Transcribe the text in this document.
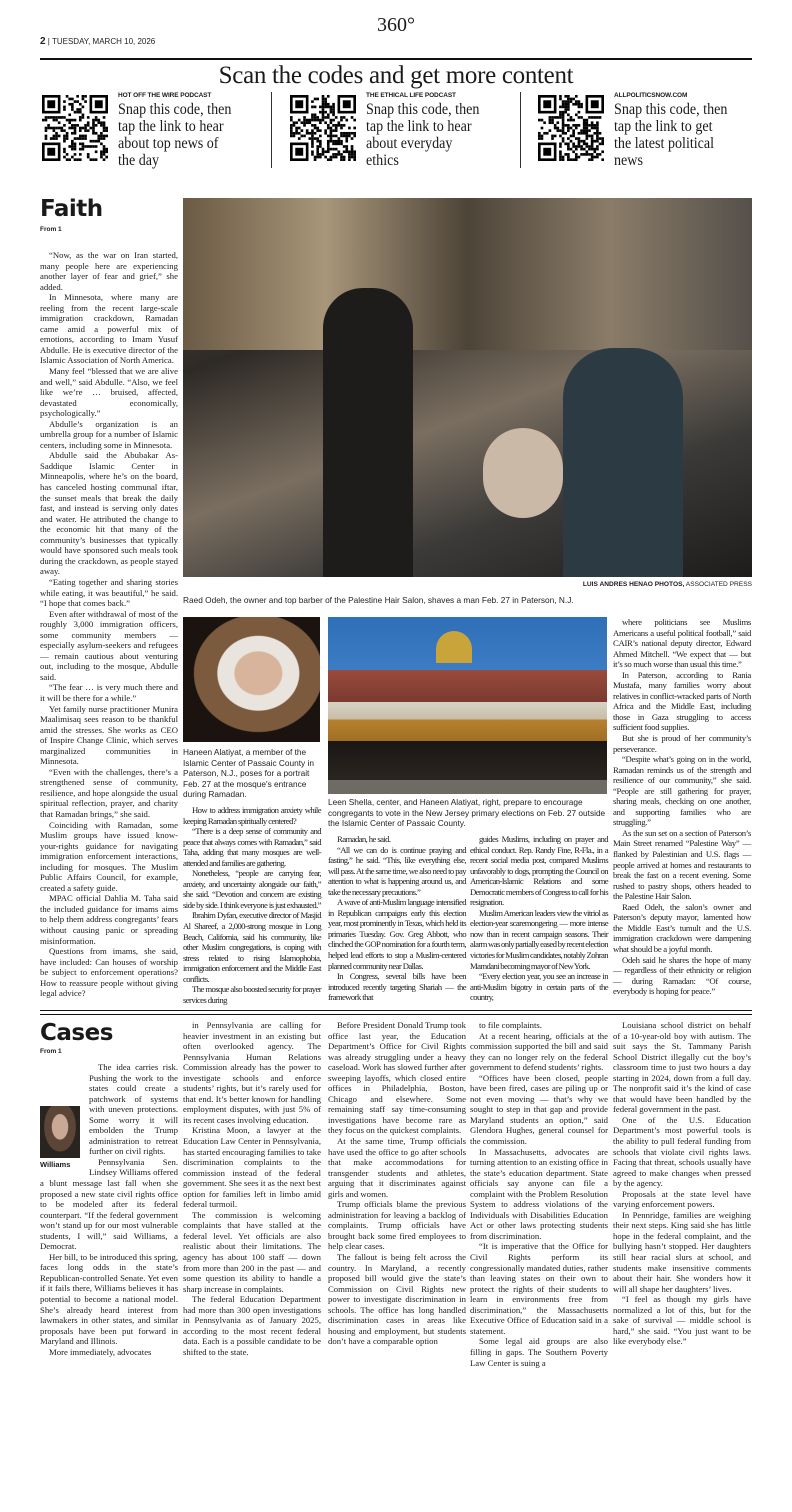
2 | TUESDAY, MARCH 10, 2026
360°
Scan the codes and get more content
HOT OFF THE WIRE PODCAST
Snap this code, then tap the link to hear about top news of the day
THE ETHICAL LIFE PODCAST
Snap this code, then tap the link to hear about everyday ethics
ALLPOLITICSNOW.COM
Snap this code, then tap the link to get the latest political news
Faith
From 1

“Now, as the war on Iran started, many people here are experiencing another layer of fear and grief,” she added.

In Minnesota, where many are reeling from the recent large-scale immigration crackdown, Ramadan came amid a powerful mix of emotions, according to Imam Yusuf Abdulle. He is executive director of the Islamic Association of North America.

Many feel “blessed that we are alive and well,” said Abdulle. “Also, we feel like we’re … bruised, affected, devastated economically, psychologically.”

Abdulle’s organization is an umbrella group for a number of Islamic centers, including some in Minnesota.

Abdulle said the Abubakar As-Saddique Islamic Center in Minneapolis, where he’s on the board, has canceled hosting communal iftar, the sunset meals that break the daily fast, and instead is serving only dates and water. He attributed the change to the economic hit that many of the community’s businesses that typically would have sponsored such meals took during the crackdown, as people stayed away.

“Eating together and sharing stories while eating, it was beautiful,” he said. “I hope that comes back.”

Even after withdrawal of most of the roughly 3,000 immigration officers, some community members — especially asylum-seekers and refugees — remain cautious about venturing out, including to the mosque, Abdulle said.

“The fear … is very much there and it will be there for a while.”

Yet family nurse practitioner Munira Maalimisaq sees reason to be thankful amid the stresses. She works as CEO of Inspire Change Clinic, which serves marginalized communities in Minnesota.

“Even with the challenges, there’s a strengthened sense of community, resilience, and hope alongside the usual spiritual reflection, prayer, and charity that Ramadan brings,” she said.

Coinciding with Ramadan, some Muslim groups have issued know-your-rights guidance for navigating immigration enforcement interactions, including for mosques. The Muslim Public Affairs Council, for example, created a safety guide.

MPAC official Dahlia M. Taha said the included guidance for imams aims to help them address congregants’ fears without causing panic or spreading misinformation.

Questions from imams, she said, have included: Can houses of worship be subject to enforcement operations? How to reassure people without giving legal advice?

LUIS ANDRES HENAO PHOTOS, ASSOCIATED PRESS
Raed Odeh, the owner and top barber of the Palestine Hair Salon, shaves a man Feb. 27 in Paterson, N.J.
Haneen Alatiyat, a member of the Islamic Center of Passaic County in Paterson, N.J., poses for a portrait Feb. 27 at the mosque's entrance during Ramadan.
Leen Shella, center, and Haneen Alatiyat, right, prepare to encourage congregants to vote in the New Jersey primary elections on Feb. 27 outside the Islamic Center of Passaic County.

How to address immigration anxiety while keeping Ramadan spiritually centered?

“There is a deep sense of community and peace that always comes with Ramadan,” said Taha, adding that many mosques are well-attended and families are gathering.

Nonetheless, “people are carrying fear, anxiety, and uncertainty alongside our faith,” she said. “Devotion and concern are existing side by side. I think everyone is just exhausted.”

Ibrahim Dyfan, executive director of Masjid Al Shareef, a 2,000-strong mosque in Long Beach, California, said his community, like other Muslim congregations, is coping with stress related to rising Islamophobia, immigration enforcement and the Middle East conflicts.

The mosque also boosted security for prayer services during

Ramadan, he said.

“All we can do is continue praying and fasting,” he said. “This, like everything else, will pass. At the same time, we also need to pay attention to what is happening around us, and take the necessary precautions.”

A wave of anti-Muslim language intensified in Republican campaigns early this election year, most prominently in Texas, which held its primaries Tuesday. Gov. Greg Abbott, who clinched the GOP nomination for a fourth term, helped lead efforts to stop a Muslim-centered planned community near Dallas.

In Congress, several bills have been introduced recently targeting Shariah — the framework that

guides Muslims, including on prayer and ethical conduct. Rep. Randy Fine, R-Fla., in a recent social media post, compared Muslims unfavorably to dogs, prompting the Council on American-Islamic Relations and some Democratic members of Congress to call for his resignation.

Muslim American leaders view the vitriol as election-year scaremongering — more intense now than in recent campaign seasons. Their alarm was only partially eased by recent election victories for Muslim candidates, notably Zohran Mamdani becoming mayor of New York.

“Every election year, you see an increase in anti-Muslim bigotry in certain parts of the country,

where politicians see Muslims Americans a useful political football,” said CAIR’s national deputy director, Edward Ahmed Mitchell. “We expect that — but it’s so much worse than usual this time.”

In Paterson, according to Rania Mustafa, many families worry about relatives in conflict-wracked parts of North Africa and the Middle East, including those in Gaza struggling to access sufficient food supplies.

But she is proud of her community’s perseverance.

“Despite what’s going on in the world, Ramadan reminds us of the strength and resilience of our community,” she said. “People are still gathering for prayer, sharing meals, checking on one another, and supporting families who are struggling.”

As the sun set on a section of Paterson’s Main Street renamed “Palestine Way” — flanked by Palestinian and U.S. flags — people arrived at homes and restaurants to break the fast on a recent evening. Some rushed to pastry shops, others headed to the Palestine Hair Salon.

Raed Odeh, the salon’s owner and Paterson’s deputy mayor, lamented how the Middle East’s tumult and the U.S. immigration crackdown were dampening what should be a joyful month.

Odeh said he shares the hope of many — regardless of their ethnicity or religion — during Ramadan: “Of course, everybody is hoping for peace.”

Cases
From 1
Williams

The idea carries risk. Pushing the work to the states could create a patchwork of systems with uneven protections. Some worry it will embolden the Trump administration to retreat further on civil rights.

Pennsylvania Sen. Lindsey Williams offered a blunt message last fall when she proposed a new state civil rights office to be modeled after its federal counterpart. “If the federal government won’t stand up for our most vulnerable students, I will,” said Williams, a Democrat.

Her bill, to be introduced this spring, faces long odds in the state’s Republican-controlled Senate. Yet even if it fails there, Williams believes it has potential to become a national model. She’s already heard interest from lawmakers in other states, and similar proposals have been put forward in Maryland and Illinois.

More immediately, advocates

in Pennsylvania are calling for heavier investment in an existing but often overlooked agency. The Pennsylvania Human Relations Commission already has the power to investigate schools and enforce students’ rights, but it’s rarely used for that end. It’s better known for handling employment disputes, with just 5% of its recent cases involving education.

Kristina Moon, a lawyer at the Education Law Center in Pennsylvania, has started encouraging families to take discrimination complaints to the commission instead of the federal government. She sees it as the next best option for families left in limbo amid federal turmoil.

The commission is welcoming complaints that have stalled at the federal level. Yet officials are also realistic about their limitations. The agency has about 100 staff — down from more than 200 in the past — and some question its ability to handle a sharp increase in complaints.

The federal Education Department had more than 300 open investigations in Pennsylvania as of January 2025, according to the most recent federal data. Each is a possible candidate to be shifted to the state.

Before President Donald Trump took office last year, the Education Department’s Office for Civil Rights was already struggling under a heavy caseload. Work has slowed further after sweeping layoffs, which closed entire offices in Philadelphia, Boston, Chicago and elsewhere. Some remaining staff say time-consuming investigations have become rare as they focus on the quickest complaints.

At the same time, Trump officials have used the office to go after schools that make accommodations for transgender students and athletes, arguing that it discriminates against girls and women.

Trump officials blame the previous administration for leaving a backlog of complaints. Trump officials have brought back some fired employees to help clear cases.

The fallout is being felt across the country. In Maryland, a recently proposed bill would give the state’s Commission on Civil Rights new power to investigate discrimination in schools. The office has long handled discrimination cases in areas like housing and employment, but students don’t have a comparable option

to file complaints.

At a recent hearing, officials at the commission supported the bill and said they can no longer rely on the federal government to defend students’ rights.

“Offices have been closed, people have been fired, cases are piling up or not even moving — that’s why we sought to step in that gap and provide Maryland students an option,” said Glendora Hughes, general counsel for the commission.

In Massachusetts, advocates are turning attention to an existing office in the state’s education department. State officials say anyone can file a complaint with the Problem Resolution System to address violations of the Individuals with Disabilities Education Act or other laws protecting students from discrimination.

“It is imperative that the Office for Civil Rights perform its congressionally mandated duties, rather than leaving states on their own to protect the rights of their students to learn in environments free from discrimination,” the Massachusetts Executive Office of Education said in a statement.

Some legal aid groups are also filling in gaps. The Southern Poverty Law Center is suing a

Louisiana school district on behalf of a 10-year-old boy with autism. The suit says the St. Tammany Parish School District illegally cut the boy’s classroom time to just two hours a day starting in 2024, down from a full day. The nonprofit said it’s the kind of case that would have been handled by the federal government in the past.

One of the U.S. Education Department’s most powerful tools is the ability to pull federal funding from schools that violate civil rights laws. Facing that threat, schools usually have agreed to make changes when pressed by the agency.

Proposals at the state level have varying enforcement powers.

In Pennridge, families are weighing their next steps. King said she has little hope in the federal complaint, and the bullying hasn’t stopped. Her daughters still hear racial slurs at school, and students make insensitive comments about their hair. She wonders how it will all shape her daughters’ lives.

“I feel as though my girls have normalized a lot of this, but for the sake of survival — middle school is hard,” she said. “You just want to be like everybody else.”
